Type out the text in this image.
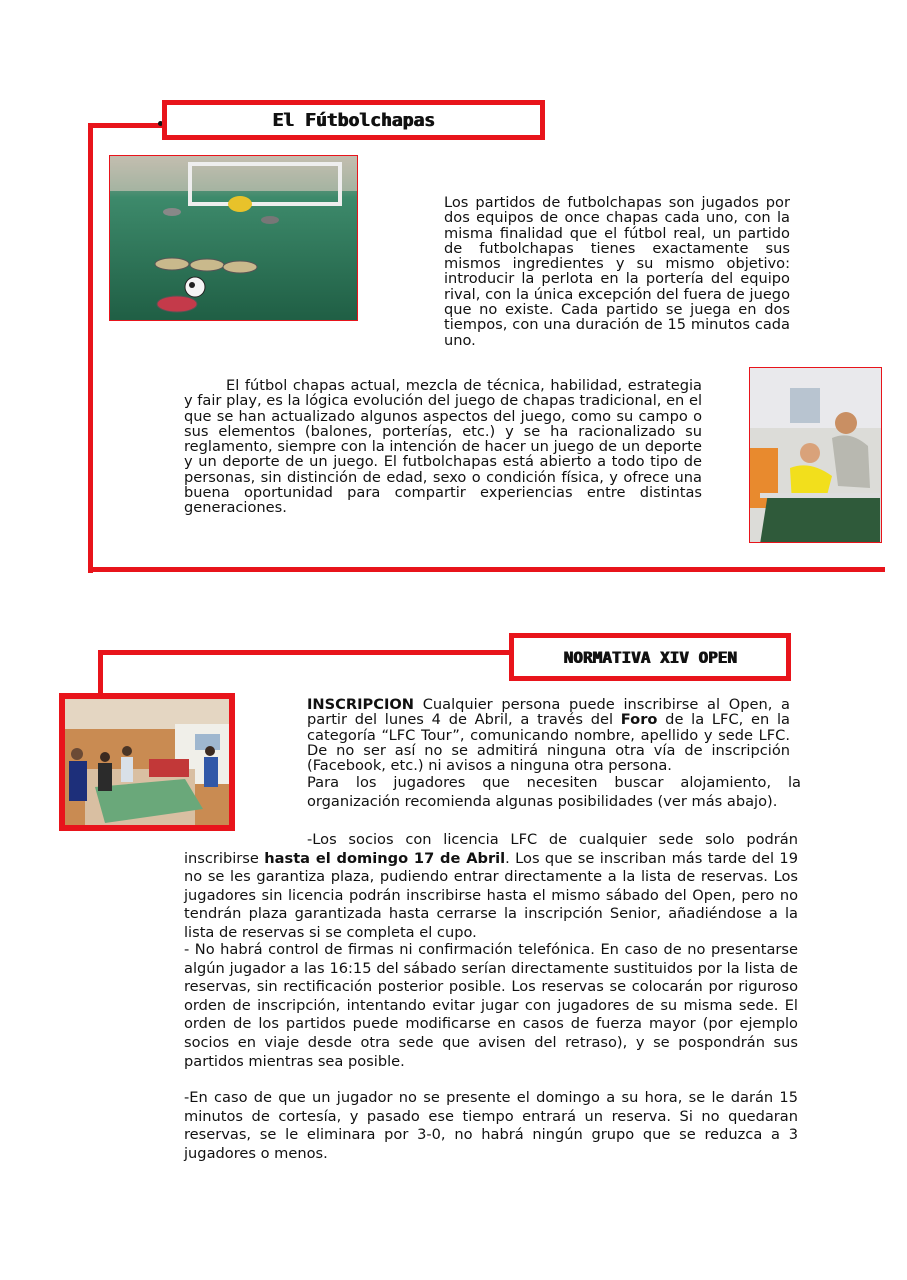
El Fútbolchapas
Los partidos de futbolchapas son jugados por dos equipos de once chapas cada uno, con la misma finalidad que el fútbol real, un partido de futbolchapas tienes exactamente sus mismos ingredientes y su mismo objetivo: introducir la perlota en la portería del equipo rival, con la única excepción del fuera de juego que no existe. Cada partido se juega en dos tiempos, con una duración de 15 minutos cada uno.
El fútbol chapas actual, mezcla de técnica, habilidad, estrategia y fair play, es la lógica evolución del juego de chapas tradicional, en el que se han actualizado algunos aspectos del juego, como su campo o sus elementos (balones, porterías, etc.) y se ha racionalizado su reglamento, siempre con la intención de hacer un juego de un deporte y un deporte de un juego. El futbolchapas está abierto a todo tipo de personas, sin distinción de edad, sexo o condición física, y ofrece una buena oportunidad para compartir experiencias entre distintas generaciones.
NORMATIVA XIV OPEN
INSCRIPCION Cualquier persona puede inscribirse al Open, a partir del lunes 4 de Abril, a través del Foro de la LFC, en la categoría “LFC Tour”, comunicando nombre, apellido y sede LFC. De no ser así no se admitirá ninguna otra vía de inscripción (Facebook, etc.) ni avisos a ninguna otra persona.
Para los jugadores que necesiten buscar alojamiento, la organización recomienda algunas posibilidades (ver más abajo).
-Los socios con licencia LFC de cualquier sede solo podrán inscribirse hasta el domingo 17 de Abril. Los que se inscriban más tarde del 19 no se les garantiza plaza, pudiendo entrar directamente a la lista de reservas. Los jugadores sin licencia podrán inscribirse hasta el mismo sábado del Open, pero no tendrán plaza garantizada hasta cerrarse la inscripción Senior, añadiéndose a la lista de reservas si se completa el cupo.
- No habrá control de firmas ni confirmación telefónica. En caso de no presentarse algún jugador a las 16:15 del sábado serían directamente sustituidos por la lista de reservas, sin rectificación posterior posible. Los reservas se colocarán por riguroso orden de inscripción, intentando evitar jugar con jugadores de su misma sede. El orden de los partidos puede modificarse en casos de fuerza mayor (por ejemplo socios en viaje desde otra sede que avisen del retraso), y se pospondrán sus partidos mientras sea posible.
-En caso de que un jugador no se presente el domingo a su hora, se le darán 15 minutos de cortesía, y pasado ese tiempo entrará un reserva. Si no quedaran reservas, se le eliminara por 3-0, no habrá ningún grupo que se reduzca a 3 jugadores o menos.
